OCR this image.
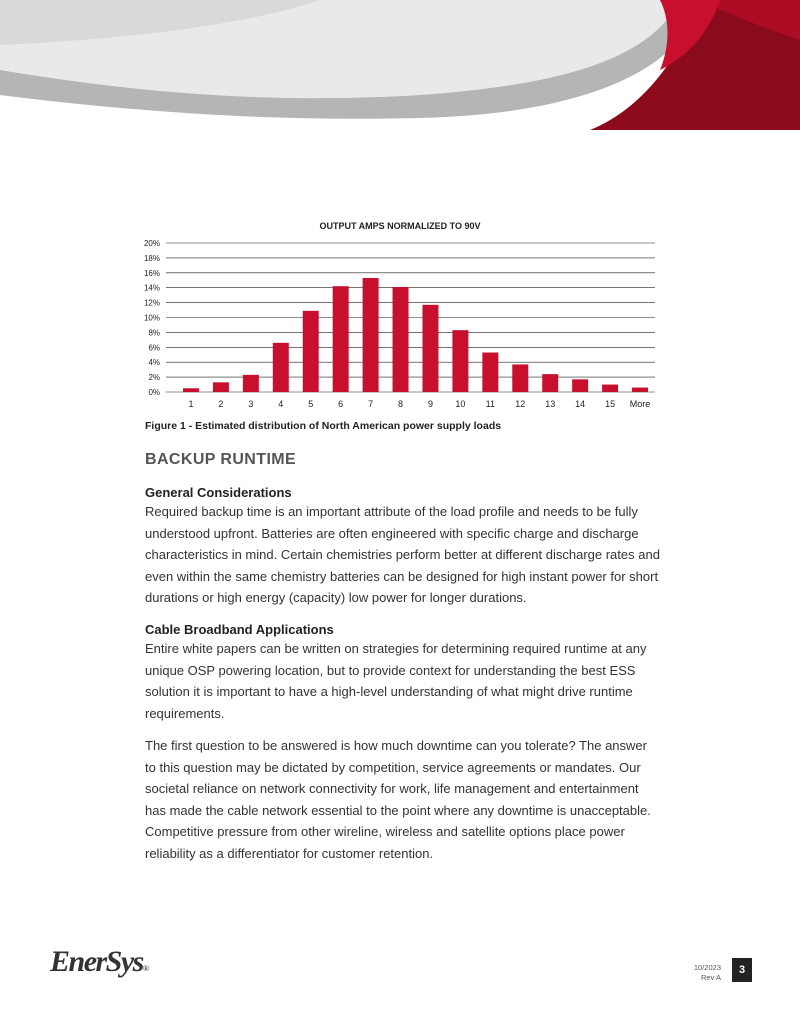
OUTPUT AMPS NORMALIZED TO 90V
0%
2%
4%
6%
8%
10%
12%
14%
16%
18%
20%
1	2	3	4	5	6	7	8	9 10 11 12 13 14 15 More
Figure 1 - Estimated distribution of North American power supply loads
BACKUP RUNTIME
General Considerations

Required backup time is an important attribute of the load profile and needs to be fully understood upfront. Batteries are often engineered with specific charge and discharge characteristics in mind. Certain chemistries perform better at different discharge rates and even within the same chemistry batteries can be designed for high instant power for short durations or high energy (capacity) low power for longer durations.

Cable Broadband Applications

Entire white papers can be written on strategies for determining required runtime at any unique OSP powering location, but to provide context for understanding the best ESS solution it is important to have a high-level understanding of what might drive runtime requirements.

The first question to be answered is how much downtime can you tolerate? The answer to this question may be dictated by competition, service agreements or mandates. Our societal reliance on network connectivity for work, life management and entertainment has made the cable network essential to the point where any downtime is unacceptable. Competitive pressure from other wireline, wireless and satellite options place power reliability as a differentiator for customer retention.

EnerSys®	10/2023
Rev A
3
